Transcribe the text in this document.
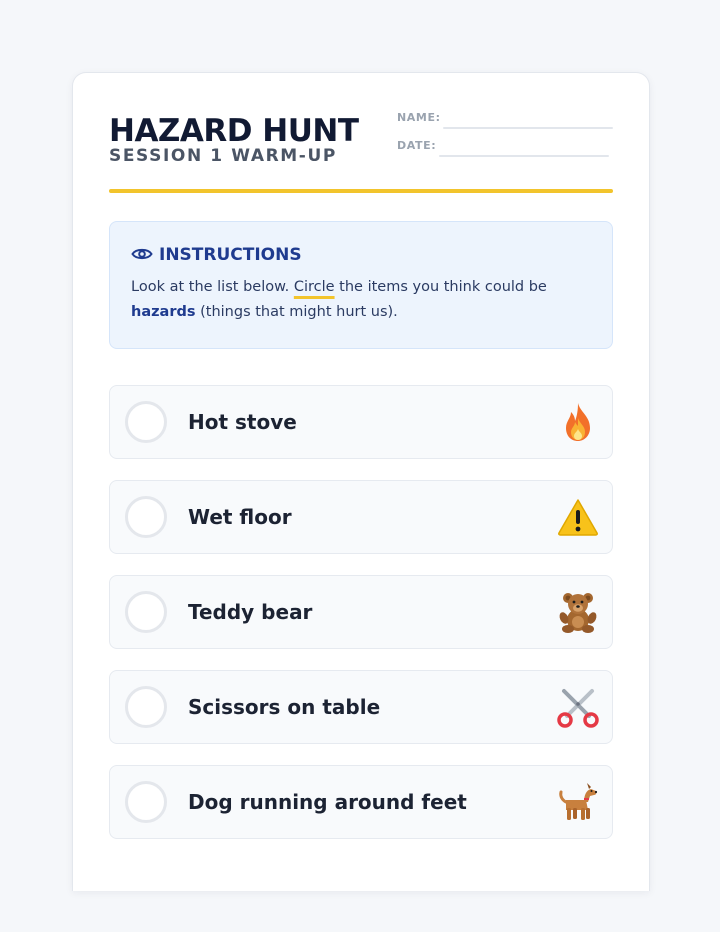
HAZARD HUNT
SESSION 1 WARM-UP
NAME:
DATE:
INSTRUCTIONS
Look at the list below. Circle the items you think could be hazards (things that might hurt us).
Hot stove
Wet floor
Teddy bear
Scissors on table
Dog running around feet
